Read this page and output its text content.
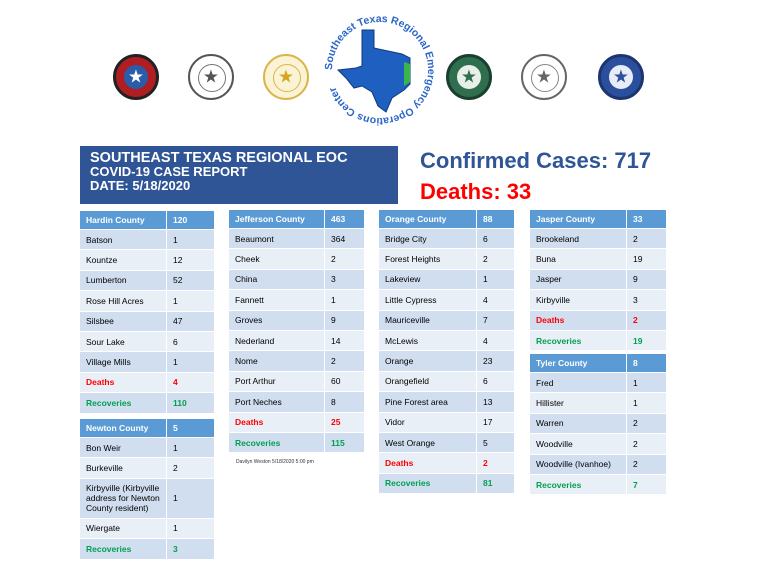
★	★	★	★	★	★
Southeast Texas Regional Emergency Operations Center
SOUTHEAST TEXAS REGIONAL EOC
COVID-19 CASE REPORT
DATE: 5/18/2020
Confirmed Cases: 717
Deaths: 33
Hardin County	120
Batson	1
Kountze	12
Lumberton	52
Rose Hill Acres	1
Silsbee	47
Sour Lake	6
Village Mills	1
Deaths	4
Recoveries	110
Newton County	5
Bon Weir	1
Burkeville	2
Kirbyville (Kirbyville address for Newton County resident)	1
Wiergate	1
Recoveries	3
Jefferson County	463
Beaumont	364
Cheek	2
China	3
Fannett	1
Groves	9
Nederland	14
Nome	2
Port Arthur	60
Port Neches	8
Deaths	25
Recoveries	115
Davilyn Weston 5/18/2020 5:00 pm
Orange County	88
Bridge City	6
Forest Heights	2
Lakeview	1
Little Cypress	4
Mauriceville	7
McLewis	4
Orange	23
Orangefield	6
Pine Forest area	13
Vidor	17
West Orange	5
Deaths	2
Recoveries	81
Jasper County	33
Brookeland	2
Buna	19
Jasper	9
Kirbyville	3
Deaths	2
Recoveries	19
Tyler County	8
Fred	1
Hillister	1
Warren	2
Woodville	2
Woodville (Ivanhoe)	2
Recoveries	7
